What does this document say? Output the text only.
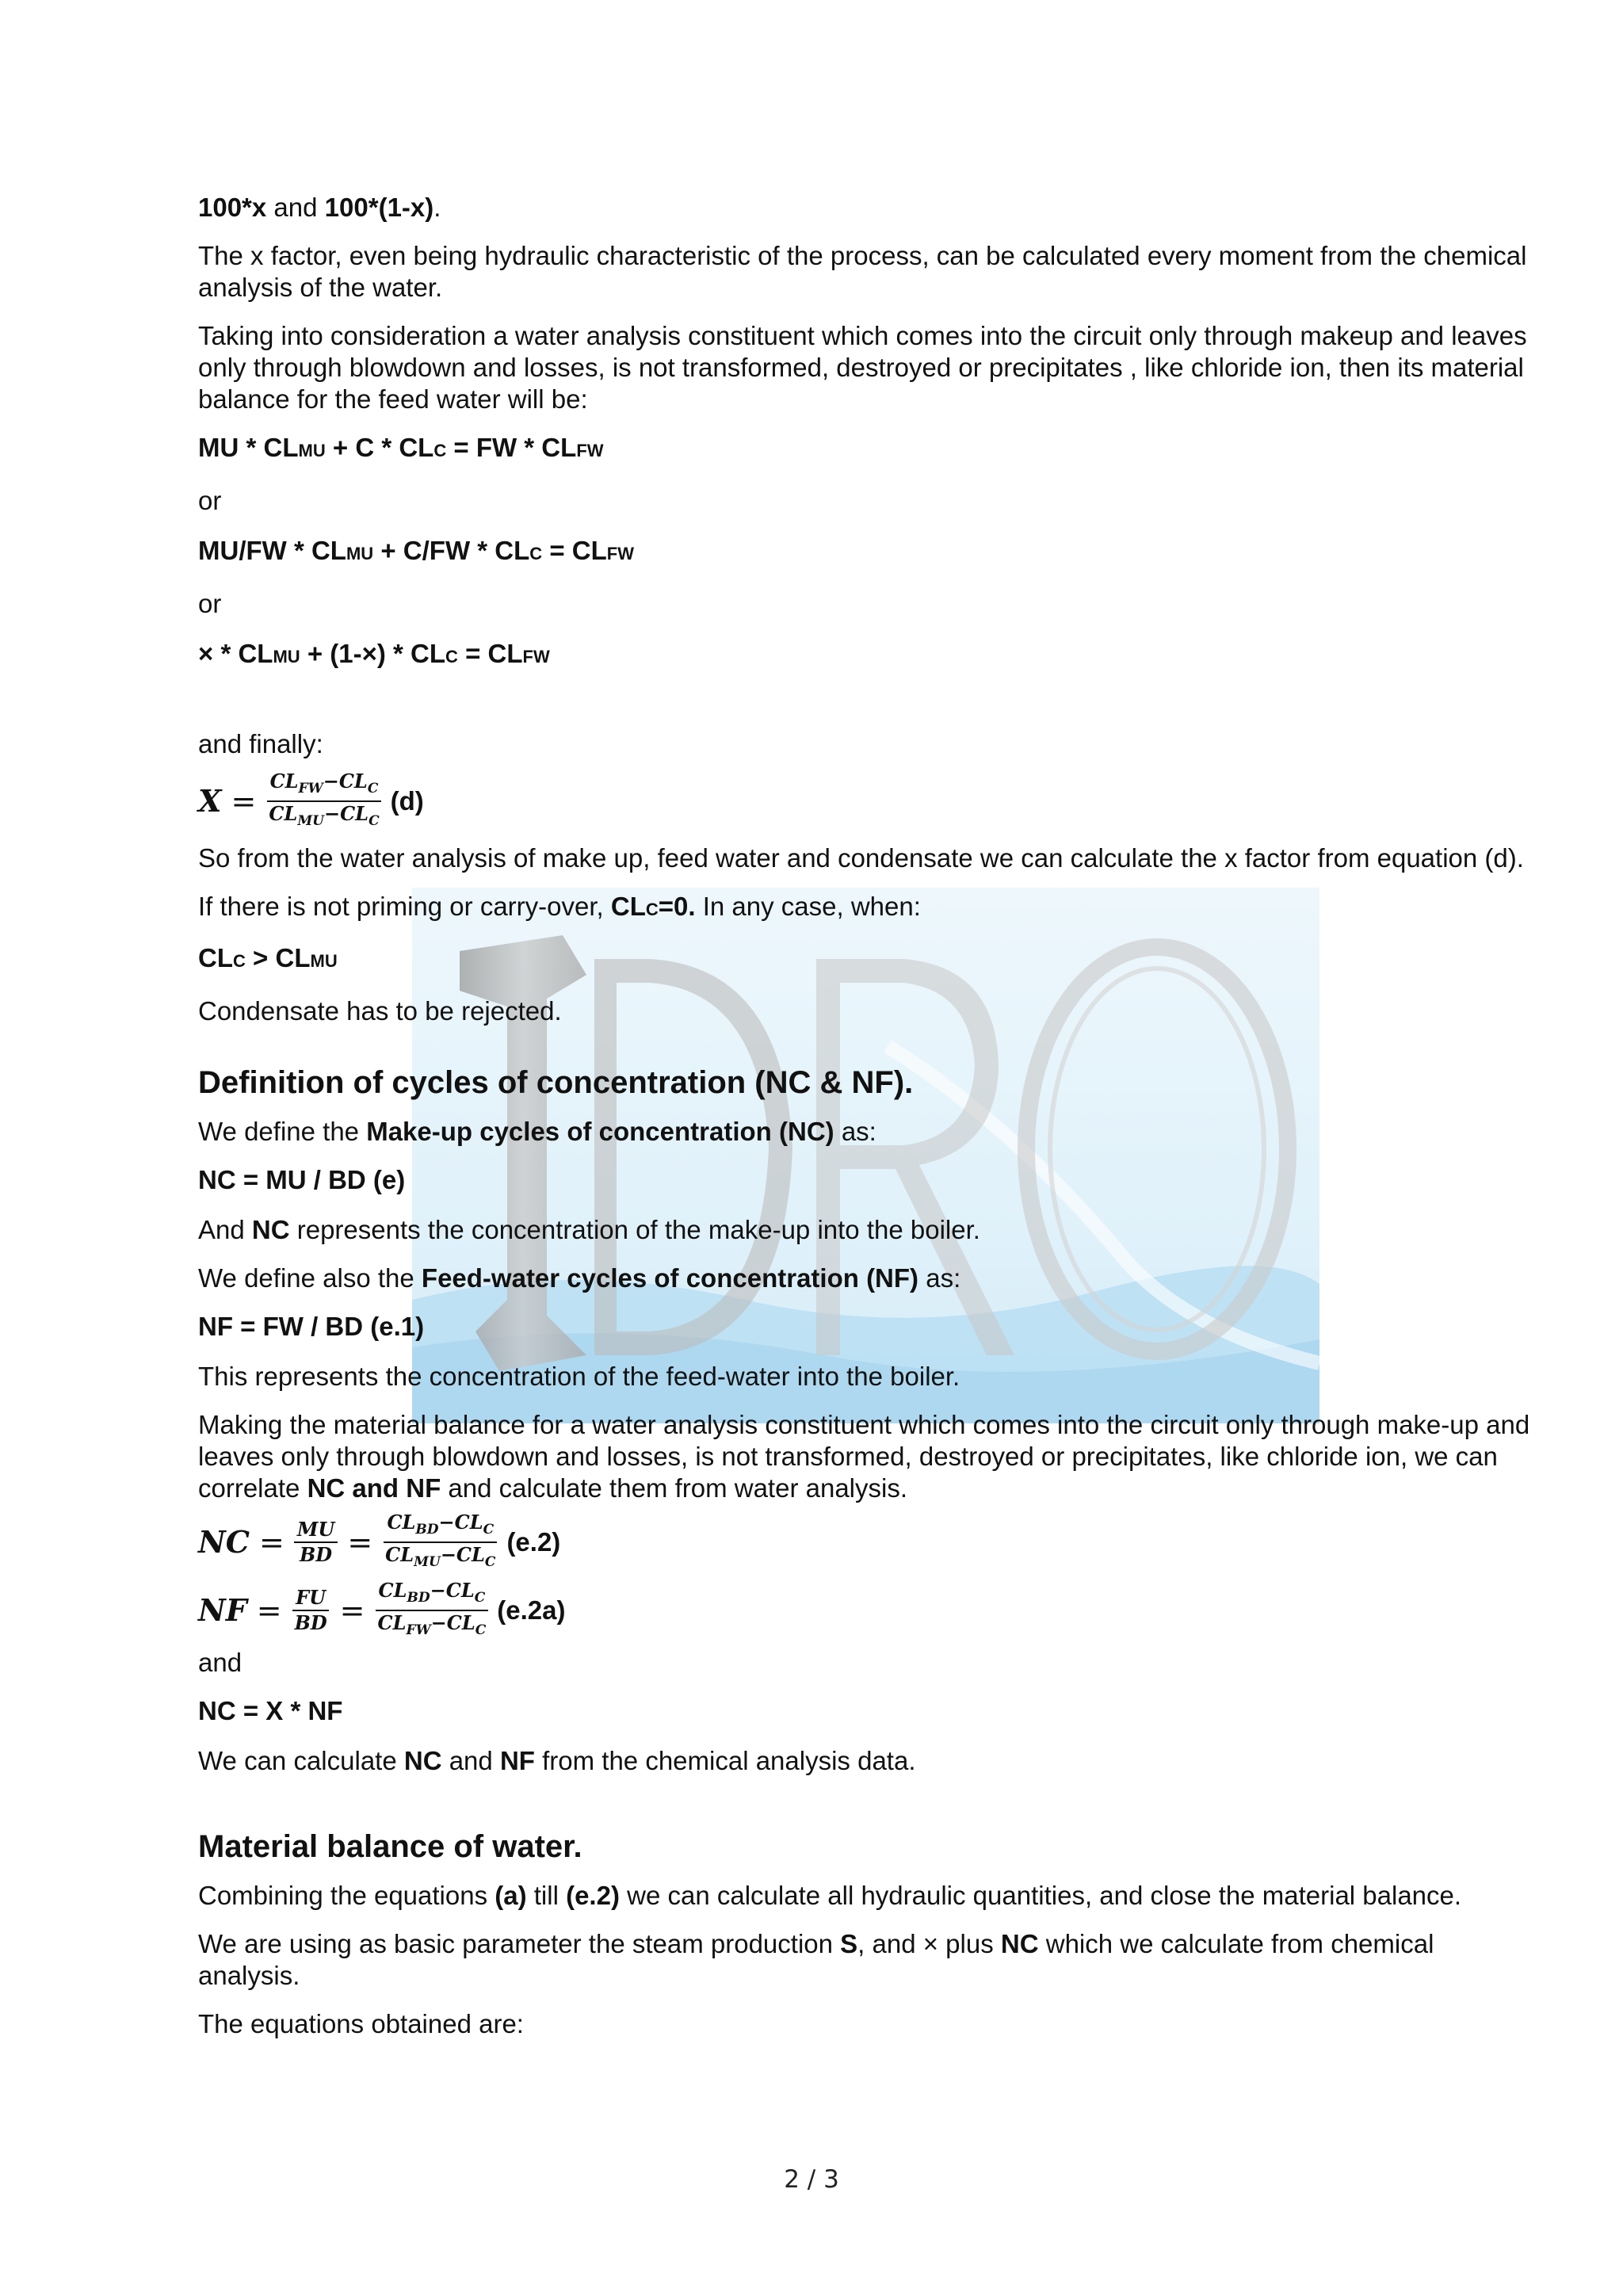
100*x and 100*(1-x).

The x factor, even being hydraulic characteristic of the process, can be calculated every moment from the chemical analysis of the water.

Taking into consideration a water analysis constituent which comes into the circuit only through makeup and leaves only through blowdown and losses, is not transformed, destroyed or precipitates , like chloride ion, then its material balance for the feed water will be:

MU * CLMU + C * CLC = FW * CLFW

or

MU/FW * CLMU + C/FW * CLC = CLFW

or

× * CLMU + (1-×) * CLC = CLFW

and finally:

$X = \frac{CL_{FW}-CL_C}{CL_{MU}-CL_C} (d)$

So from the water analysis of make up, feed water and condensate we can calculate the x factor from equation (d).

If there is not priming or carry-over, CLC=0. In any case, when:

CLC > CLMU

Condensate has to be rejected.

Definition of cycles of concentration (NC & NF).

We define the Make-up cycles of concentration (NC) as:

NC = MU / BD (e)

And NC represents the concentration of the make-up into the boiler.

We define also the Feed-water cycles of concentration (NF) as:

NF = FW / BD (e.1)

This represents the concentration of the feed-water into the boiler.

Making the material balance for a water analysis constituent which comes into the circuit only through make-up and leaves only through blowdown and losses, is not transformed, destroyed or precipitates, like chloride ion, we can correlate NC and NF and calculate them from water analysis.

NC = $\frac{MU}{BD} = \frac{CL_{BD}-CL_C}{CL_{MU}-CL_C} (e.2)$
NF = $\frac{FU}{BD} = \frac{CL_{BD}-CL_C}{CL_{FW}-CL_C} (e.2a)$

and

NC = X * NF

We can calculate NC and NF from the chemical analysis data.

Material balance of water.

Combining the equations (a) till (e.2) we can calculate all hydraulic quantities, and close the material balance.

We are using as basic parameter the steam production S, and × plus NC which we calculate from chemical analysis.

The equations obtained are:

2 / 3
